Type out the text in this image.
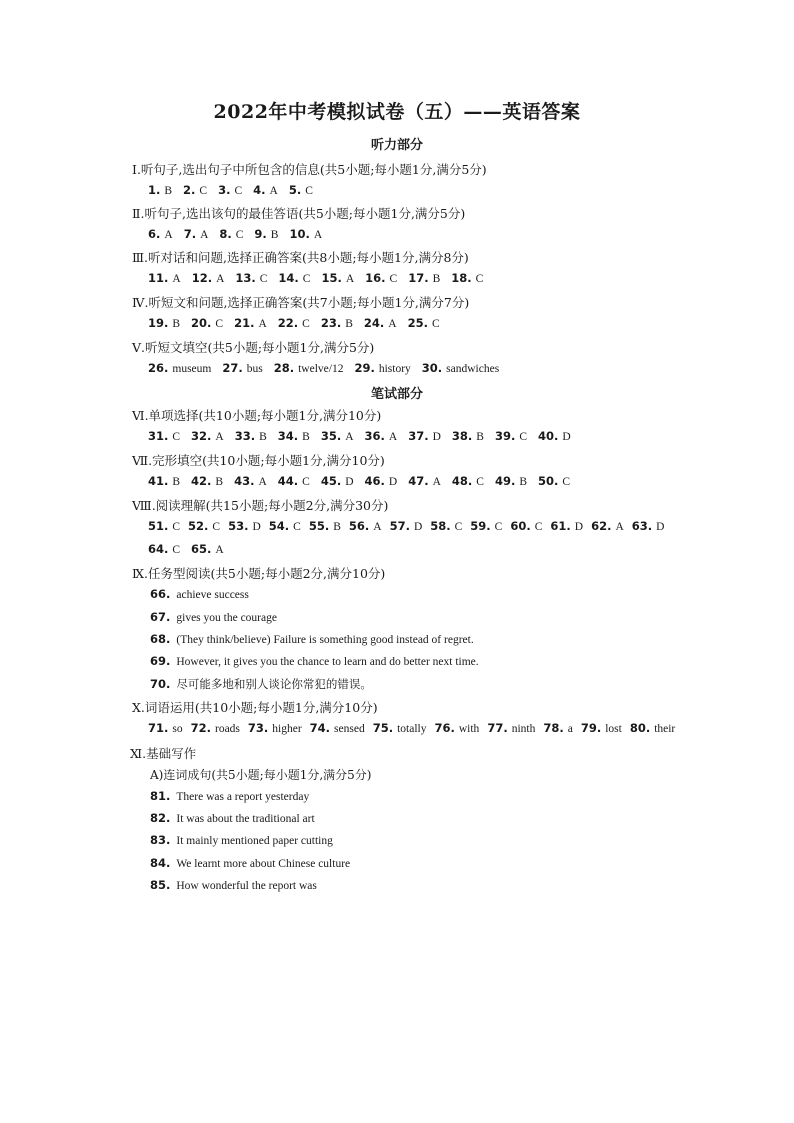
2022年中考模拟试卷（五）——英语答案
听力部分
Ⅰ.听句子,选出句子中所包含的信息(共5小题;每小题1分,满分5分)
1. B 2. C 3. C 4. A 5. C
Ⅱ.听句子,选出该句的最佳答语(共5小题;每小题1分,满分5分)
6. A 7. A 8. C 9. B 10. A
Ⅲ.听对话和问题,选择正确答案(共8小题;每小题1分,满分8分)
11. A 12. A 13. C 14. C 15. A 16. C 17. B 18. C
Ⅳ.听短文和问题,选择正确答案(共7小题;每小题1分,满分7分)
19. B 20. C 21. A 22. C 23. B 24. A 25. C
Ⅴ.听短文填空(共5小题;每小题1分,满分5分)
26. museum 27. bus 28. twelve/12 29. history 30. sandwiches
笔试部分
Ⅵ.单项选择(共10小题;每小题1分,满分10分)
31. C 32. A 33. B 34. B 35. A 36. A 37. D 38. B 39. C 40. D
Ⅶ.完形填空(共10小题;每小题1分,满分10分)
41. B 42. B 43. A 44. C 45. D 46. D 47. A 48. C 49. B 50. C
Ⅷ.阅读理解(共15小题;每小题2分,满分30分)
51. C 52. C 53. D 54. C 55. B 56. A 57. D 58. C 59. C 60. C 61. D 62. A 63. D
64. C 65. A
Ⅸ.任务型阅读(共5小题;每小题2分,满分10分)
66. achieve success
67. gives you the courage
68. (They think/believe) Failure is something good instead of regret.
69. However, it gives you the chance to learn and do better next time.
70. 尽可能多地和别人谈论你常犯的错误。
Ⅹ.词语运用(共10小题;每小题1分,满分10分)
71. so 72. roads 73. higher 74. sensed 75. totally 76. with 77. ninth 78. a 79. lost 80. their
Ⅺ.基础写作
A)连词成句(共5小题;每小题1分,满分5分)
81. There was a report yesterday
82. It was about the traditional art
83. It mainly mentioned paper cutting
84. We learnt more about Chinese culture
85. How wonderful the report was
